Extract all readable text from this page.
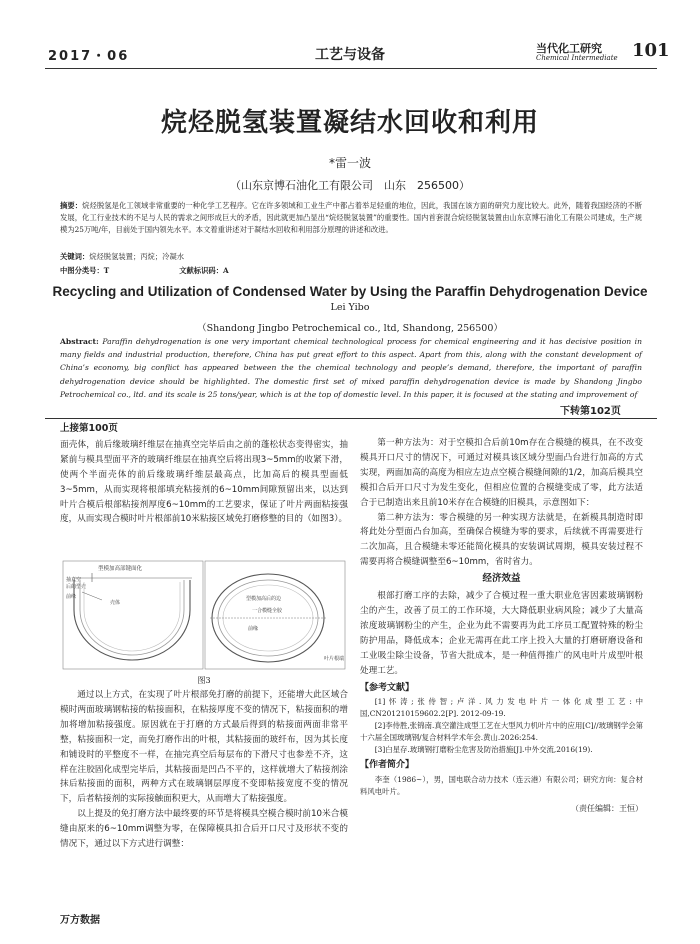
2017・06	工艺与设备	当代化工研究
Chemical Intermediate 101
烷烃脱氢装置凝结水回收和利用
*雷一波
（山东京博石油化工有限公司　山东　256500）
摘要：烷烃脱氢是化工领域非常重要的一种化学工艺程序。它在许多领域和工业生产中都占着举足轻重的地位，因此，我国在该方面的研究力度比较大。此外，随着我国经济的不断发展，化工行业技术的不足与人民的需求之间形成巨大的矛盾，因此就更加凸显出“烷烃脱氢装置”的重要性。国内首套混合烷烃脱氢装置由山东京博石油化工有限公司建成，生产规模为25万吨/年，目前处于国内领先水平。本文着重讲述对于凝结水回收和利用部分原理的讲述和改进。
关键词：烷烃脱氢装置；丙烷；冷凝水
中图分类号：T	文献标识码：A
Recycling and Utilization of Condensed Water by Using the Paraffin Dehydrogenation Device
Lei Yibo
（Shandong Jingbo Petrochemical co., ltd, Shandong, 256500）
Abstract: Paraffin dehydrogenation is one very important chemical technological process for chemical engineering and it has decisive position in many fields and industrial production, therefore, China has put great effort to this aspect. Apart from this, along with the constant development of China’s economy, big conflict has appeared between the the chemical technology and people’s demand, therefore, the important of paraffin dehydrogenation device should be highlighted. The domestic first set of mixed paraffin dehydrogenation device is made by Shandong Jingbo Petrochemical co., ltd. and its scale is 25 tons/year, which is at the top of domestic level. In this paper, it is focused at the stating and improvement of
下转第102页
上接第100页

面壳体，前后缘玻璃纤维层在抽真空完毕后由之前的蓬松状态变得密实，抽紧前与模具型面平齐的玻璃纤维层在抽真空后将出现3~5mm的收紧下滑，使两个半面壳体的前后缘玻璃纤维层最高点，比加高后的模具型面低3~5mm，从而实现将根部填充粘接剂的6~10mm间隙预留出来，以达到叶片合模后根部粘接剂厚度6~10mm的工艺要求，保证了叶片两面粘接强度，从而实现合模时叶片根部前10米粘接区域免打磨修整的目的（如图3）。

型模加高部键面化
抽真空
后的型壳
前缘
壳体
型模加高后的边
一合模缝全胶
前缘
叶片根端
图3

通过以上方式，在实现了叶片根部免打磨的前提下，还能增大此区域合模时两面玻璃钢粘接的粘接面积，在粘接厚度不变的情况下，粘接面积的增加将增加粘接强度。原因就在于打磨的方式最后得到的粘接面两面非常平整，粘接面积一定，而免打磨作出的叶根，其粘接面的玻纤布，因为其长度和铺设时的平整度不一样，在抽完真空后每层布的下滑尺寸也参差不齐，这样在注胶固化成型完毕后，其粘接面是凹凸不平的，这样就增大了粘接剂涂抹后粘接面的面积，两种方式在玻璃钢层厚度不变即粘接宽度不变的情况下，后者粘接剂的实际接触面积更大，从而增大了粘接强度。

以上提及的免打磨方法中最终要的环节是将模具空模合模时前10米合模缝由原来的6~10mm调整为零，在保障模具扣合后开口尺寸及形状不变的情况下，通过以下方式进行调整：

第一种方法为：对于空模扣合后前10m存在合模缝的模具，在不改变模具开口尺寸的情况下，可通过对模具该区域分型面凸台进行加高的方式实现，两面加高的高度为相应左边点空模合模缝间隙的1/2，加高后模具空模扣合后开口尺寸为发生变化，但相应位置的合模缝变成了零，此方法适合于已制造出来且前10米存在合模缝的旧模具，示意图如下：

第二种方法为：零合模缝的另一种实现方法就是，在新模具制造时即将此处分型面凸台加高，至确保合模缝为零的要求，后续就不再需要进行二次加高，且合模缝未零还能简化模具的安装调试周期，模具安装过程不需要再将合模缝调整至6~10mm，省时省力。

经济效益

根部打磨工序的去除，减少了合模过程一重大职业危害因素玻璃钢粉尘的产生，改善了员工的工作环境，大大降低职业病风险；减少了大量高浓度玻璃钢粉尘的产生，企业为此不需要再为此工序员工配置特殊的粉尘防护用品，降低成本；企业无需再在此工序上投入大量的打磨研磨设备和工业吸尘除尘设备，节省大批成本，是一种值得推广的风电叶片成型叶根处理工艺。

【参考文献】
[1]怀涛;张侍智;卢洋.风力发电叶片一体化成型工艺:中国,CN201210159602.2[P]. 2012-09-19.
[2]李侍胜,张锦南.真空灌注成型工艺在大型风力机叶片中的应用[C]//玻璃钢学会第十六届全国玻璃钢/复合材料学术年会.黄山.2026:254.
[3]白星存.玻璃钢打磨粉尘危害及防治措施[J].中外交流,2016(19).
【作者简介】
李奎（1986~），男，国电联合动力技术（连云港）有限公司；研究方向：复合材料风电叶片。
（责任编辑：王恒）
万方数据
